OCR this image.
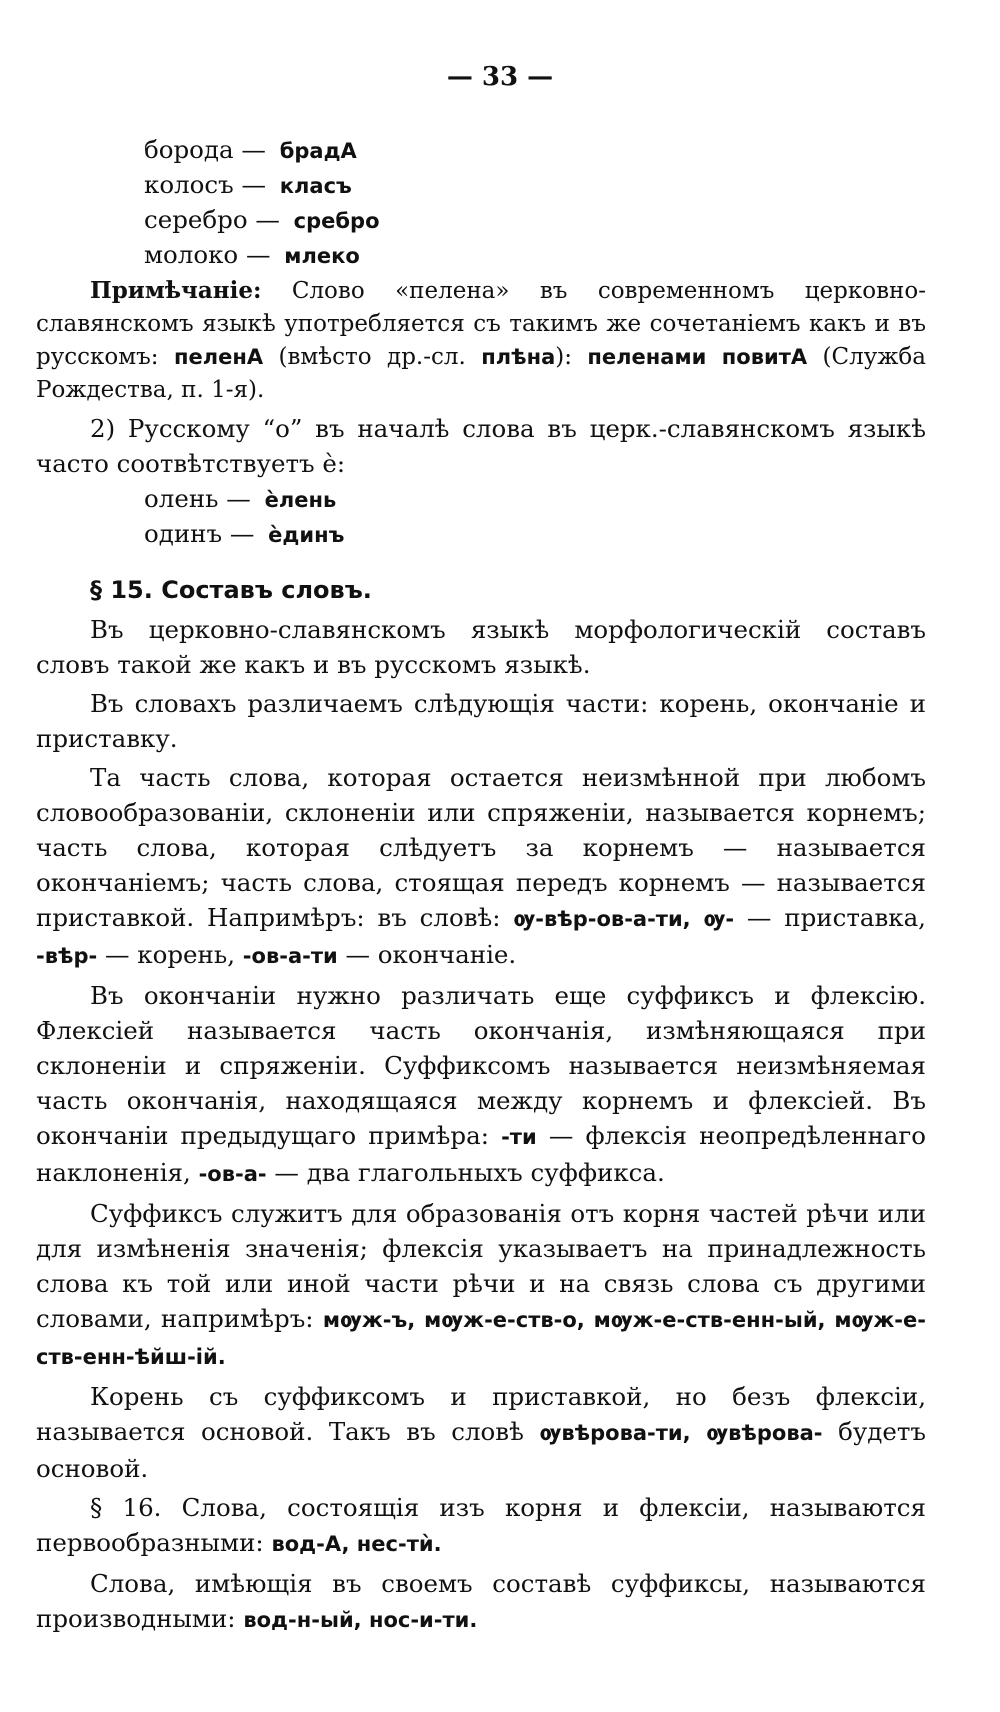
— 33 —
борода — брадA
колосъ — клaсъ
серебро — сребрo
молоко — млекo

Примѣчаніе: Слово «пелена» въ современномъ церковно-славянскомъ языкѣ употребляется съ такимъ же сочетаніемъ какъ и въ русскомъ: пеленA (вмѣсто др.-сл. плѣна): пеленaми повитA (Служба Рождества, п. 1-я).

2) Русскому “о” въ началѣ слова въ церк.-славянскомъ языкѣ часто соотвѣтствуетъ ѐ:

олень — ѐлeнь
одинъ — ѐдинъ
§ 15. Составъ словъ.

Въ церковно-славянскомъ языкѣ морфологическій составъ словъ такой же какъ и въ русскомъ языкѣ.

Въ словахъ различаемъ слѣдующія части: корень, окончаніе и приставку.

Та часть слова, которая остается неизмѣнной при любомъ словообразованіи, склоненіи или спряженіи, называется корнемъ; часть слова, которая слѣдуетъ за корнемъ — называется окончаніемъ; часть слова, стоящая передъ корнемъ — называется приставкой. Напримѣръ: въ словѣ: ѹ-вѣр-ов-а-ти, ѹ- — приставка, -вѣр- — корень, -ов-а-ти — окончаніе.

Въ окончаніи нужно различать еще суффиксъ и флексію. Флексіей называется часть окончанія, измѣняющаяся при склоненіи и спряженіи. Суффиксомъ называется неизмѣняемая часть окончанія, находящаяся между корнемъ и флексіей. Въ окончаніи предыдущаго примѣра: -ти — флексія неопредѣленнаго наклоненія, -ов-а- — два глагольныхъ суффикса.

Суффиксъ служитъ для образованія отъ корня частей рѣчи или для измѣненія значенія; флексія указываетъ на принадлежность слова къ той или иной части рѣчи и на связь слова съ другими словами, напримѣръ: мѹж-ъ, мѹж-е-ств-о, мѹж-е-ств-енн-ый, мѹж-е-ств-енн-ѣйш-ій.

Корень съ суффиксомъ и приставкой, но безъ флексіи, называется основой. Такъ въ словѣ ѹвѣрова-ти, ѹвѣрова- будетъ основой.

§ 16. Слова, состоящія изъ корня и флексіи, называются первообразными: вод-A, нес-тѝ.

Слова, имѣющія въ своемъ составѣ суффиксы, называются производными: вод-н-ый, нос-и-ти.
